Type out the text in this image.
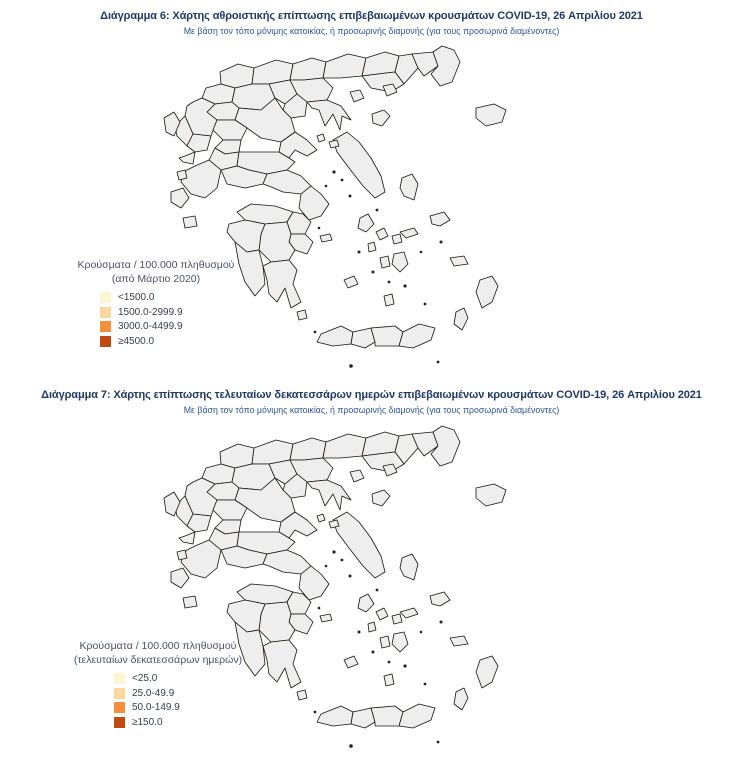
Διάγραμμα 6: Χάρτης αθροιστικής επίπτωσης επιβεβαιωμένων κρουσμάτων COVID-19, 26 Απριλίου 2021
Με βάση τον τόπο μόνιμης κατοικίας, ή προσωρινής διαμονής (για τους προσωρινά διαμένοντες)
Κρούσματα / 100.000 πληθυσμού
(από Μάρτιο 2020)
<1500.0
1500.0-2999.9
3000.0-4499.9
≥4500.0
Διάγραμμα 7: Χάρτης επίπτωσης τελευταίων δεκατεσσάρων ημερών επιβεβαιωμένων κρουσμάτων COVID-19, 26 Απριλίου 2021
Με βάση τον τόπο μόνιμης κατοικίας, ή προσωρινής διαμονής (για τους προσωρινά διαμένοντες)
Κρούσματα / 100.000 πληθυσμού
(τελευταίων δεκατεσσάρων ημερών)
<25.0
25.0-49.9
50.0-149.9
≥150.0
